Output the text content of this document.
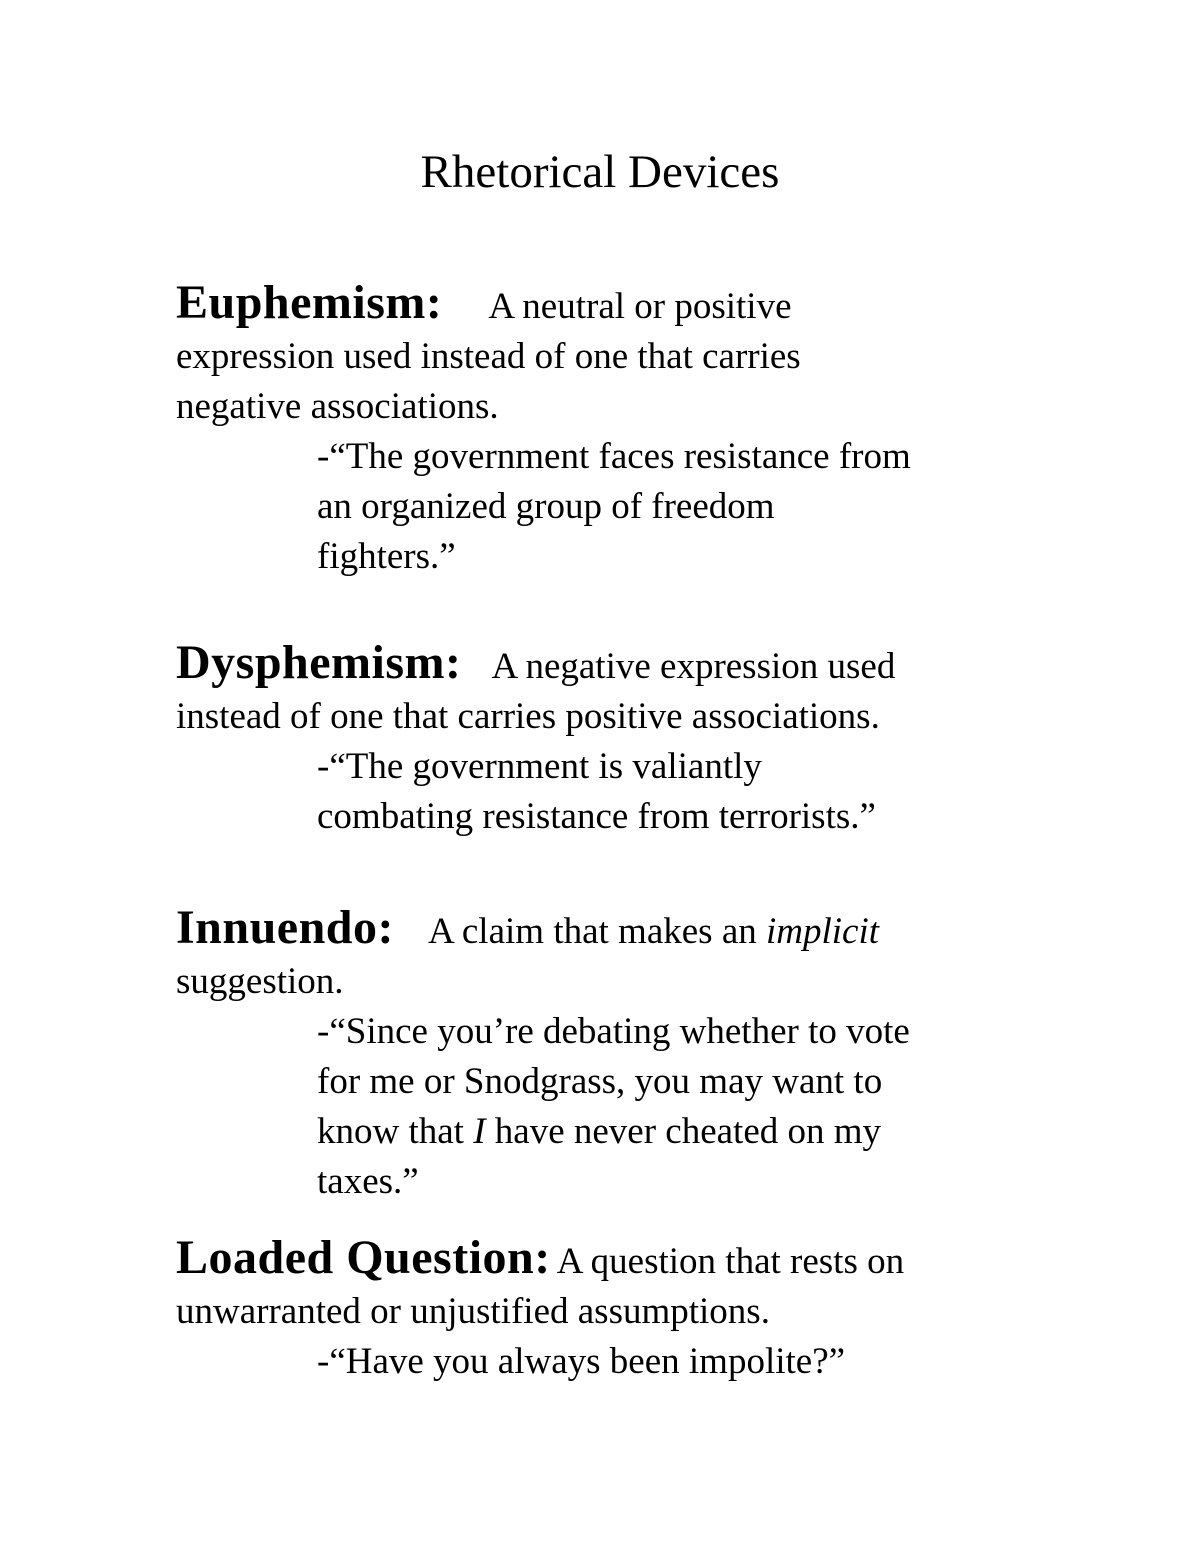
Rhetorical Devices

Euphemism: A neutral or positive

expression used instead of one that carries

negative associations.

-“The government faces resistance from

an organized group of freedom

fighters.”

Dysphemism: A negative expression used

instead of one that carries positive associations.

-“The government is valiantly

combating resistance from terrorists.”

Innuendo: A claim that makes an implicit

suggestion.

-“Since you’re debating whether to vote

for me or Snodgrass, you may want to

know that I have never cheated on my

taxes.”

Loaded Question: A question that rests on

unwarranted or unjustified assumptions.

-“Have you always been impolite?”
